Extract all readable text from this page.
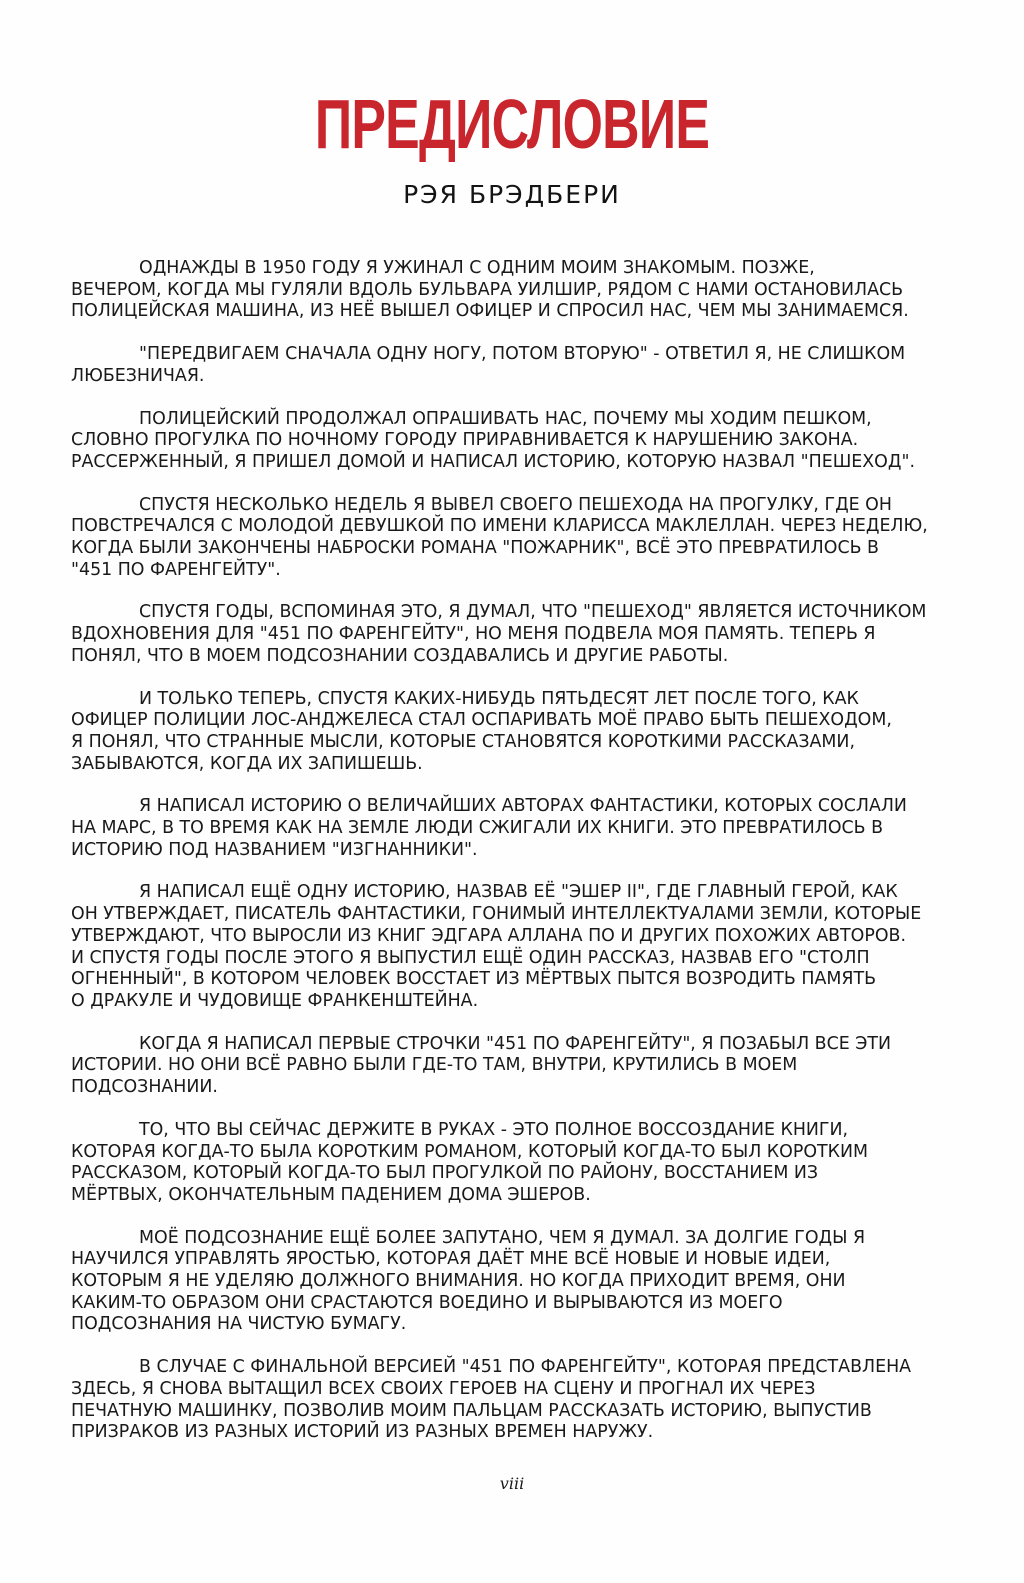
ПРЕДИСЛОВИЕ
РЭЯ БРЭДБЕРИ

ОДНАЖДЫ В 1950 ГОДУ Я УЖИНАЛ С ОДНИМ МОИМ ЗНАКОМЫМ. ПОЗЖЕ,
ВЕЧЕРОМ, КОГДА МЫ ГУЛЯЛИ ВДОЛЬ БУЛЬВАРА УИЛШИР, РЯДОМ С НАМИ ОСТАНОВИЛАСЬ
ПОЛИЦЕЙСКАЯ МАШИНА, ИЗ НЕЁ ВЫШЕЛ ОФИЦЕР И СПРОСИЛ НАС, ЧЕМ МЫ ЗАНИМАЕМСЯ.

"ПЕРЕДВИГАЕМ СНАЧАЛА ОДНУ НОГУ, ПОТОМ ВТОРУЮ" - ОТВЕТИЛ Я, НЕ СЛИШКОМ
ЛЮБЕЗНИЧАЯ.

ПОЛИЦЕЙСКИЙ ПРОДОЛЖАЛ ОПРАШИВАТЬ НАС, ПОЧЕМУ МЫ ХОДИМ ПЕШКОМ,
СЛОВНО ПРОГУЛКА ПО НОЧНОМУ ГОРОДУ ПРИРАВНИВАЕТСЯ К НАРУШЕНИЮ ЗАКОНА.
РАССЕРЖЕННЫЙ, Я ПРИШЕЛ ДОМОЙ И НАПИСАЛ ИСТОРИЮ, КОТОРУЮ НАЗВАЛ "ПЕШЕХОД".

СПУСТЯ НЕСКОЛЬКО НЕДЕЛЬ Я ВЫВЕЛ СВОЕГО ПЕШЕХОДА НА ПРОГУЛКУ, ГДЕ ОН
ПОВСТРЕЧАЛСЯ С МОЛОДОЙ ДЕВУШКОЙ ПО ИМЕНИ КЛАРИССА МАКЛЕЛЛАН. ЧЕРЕЗ НЕДЕЛЮ,
КОГДА БЫЛИ ЗАКОНЧЕНЫ НАБРОСКИ РОМАНА "ПОЖАРНИК", ВСЁ ЭТО ПРЕВРАТИЛОСЬ В
"451 ПО ФАРЕНГЕЙТУ".

СПУСТЯ ГОДЫ, ВСПОМИНАЯ ЭТО, Я ДУМАЛ, ЧТО "ПЕШЕХОД" ЯВЛЯЕТСЯ ИСТОЧНИКОМ
ВДОХНОВЕНИЯ ДЛЯ "451 ПО ФАРЕНГЕЙТУ", НО МЕНЯ ПОДВЕЛА МОЯ ПАМЯТЬ. ТЕПЕРЬ Я
ПОНЯЛ, ЧТО В МОЕМ ПОДСОЗНАНИИ СОЗДАВАЛИСЬ И ДРУГИЕ РАБОТЫ.

И ТОЛЬКО ТЕПЕРЬ, СПУСТЯ КАКИХ-НИБУДЬ ПЯТЬДЕСЯТ ЛЕТ ПОСЛЕ ТОГО, КАК
ОФИЦЕР ПОЛИЦИИ ЛОС-АНДЖЕЛЕСА СТАЛ ОСПАРИВАТЬ МОЁ ПРАВО БЫТЬ ПЕШЕХОДОМ,
Я ПОНЯЛ, ЧТО СТРАННЫЕ МЫСЛИ, КОТОРЫЕ СТАНОВЯТСЯ КОРОТКИМИ РАССКАЗАМИ,
ЗАБЫВАЮТСЯ, КОГДА ИХ ЗАПИШЕШЬ.

Я НАПИСАЛ ИСТОРИЮ О ВЕЛИЧАЙШИХ АВТОРАХ ФАНТАСТИКИ, КОТОРЫХ СОСЛАЛИ
НА МАРС, В ТО ВРЕМЯ КАК НА ЗЕМЛЕ ЛЮДИ СЖИГАЛИ ИХ КНИГИ. ЭТО ПРЕВРАТИЛОСЬ В
ИСТОРИЮ ПОД НАЗВАНИЕМ "ИЗГНАННИКИ".

Я НАПИСАЛ ЕЩЁ ОДНУ ИСТОРИЮ, НАЗВАВ ЕЁ "ЭШЕР II", ГДЕ ГЛАВНЫЙ ГЕРОЙ, КАК
ОН УТВЕРЖДАЕТ, ПИСАТЕЛЬ ФАНТАСТИКИ, ГОНИМЫЙ ИНТЕЛЛЕКТУАЛАМИ ЗЕМЛИ, КОТОРЫЕ
УТВЕРЖДАЮТ, ЧТО ВЫРОСЛИ ИЗ КНИГ ЭДГАРА АЛЛАНА ПО И ДРУГИХ ПОХОЖИХ АВТОРОВ.
И СПУСТЯ ГОДЫ ПОСЛЕ ЭТОГО Я ВЫПУСТИЛ ЕЩЁ ОДИН РАССКАЗ, НАЗВАВ ЕГО "СТОЛП
ОГНЕННЫЙ", В КОТОРОМ ЧЕЛОВЕК ВОССТАЕТ ИЗ МЁРТВЫХ ПЫТСЯ ВОЗРОДИТЬ ПАМЯТЬ
О ДРАКУЛЕ И ЧУДОВИЩЕ ФРАНКЕНШТЕЙНА.

КОГДА Я НАПИСАЛ ПЕРВЫЕ СТРОЧКИ "451 ПО ФАРЕНГЕЙТУ", Я ПОЗАБЫЛ ВСЕ ЭТИ
ИСТОРИИ. НО ОНИ ВСЁ РАВНО БЫЛИ ГДЕ-ТО ТАМ, ВНУТРИ, КРУТИЛИСЬ В МОЕМ
ПОДСОЗНАНИИ.

ТО, ЧТО ВЫ СЕЙЧАС ДЕРЖИТЕ В РУКАХ - ЭТО ПОЛНОЕ ВОССОЗДАНИЕ КНИГИ,
КОТОРАЯ КОГДА-ТО БЫЛА КОРОТКИМ РОМАНОМ, КОТОРЫЙ КОГДА-ТО БЫЛ КОРОТКИМ
РАССКАЗОМ, КОТОРЫЙ КОГДА-ТО БЫЛ ПРОГУЛКОЙ ПО РАЙОНУ, ВОССТАНИЕМ ИЗ
МЁРТВЫХ, ОКОНЧАТЕЛЬНЫМ ПАДЕНИЕМ ДОМА ЭШЕРОВ.

МОЁ ПОДСОЗНАНИЕ ЕЩЁ БОЛЕЕ ЗАПУТАНО, ЧЕМ Я ДУМАЛ. ЗА ДОЛГИЕ ГОДЫ Я
НАУЧИЛСЯ УПРАВЛЯТЬ ЯРОСТЬЮ, КОТОРАЯ ДАЁТ МНЕ ВСЁ НОВЫЕ И НОВЫЕ ИДЕИ,
КОТОРЫМ Я НЕ УДЕЛЯЮ ДОЛЖНОГО ВНИМАНИЯ. НО КОГДА ПРИХОДИТ ВРЕМЯ, ОНИ
КАКИМ-ТО ОБРАЗОМ ОНИ СРАСТАЮТСЯ ВОЕДИНО И ВЫРЫВАЮТСЯ ИЗ МОЕГО
ПОДСОЗНАНИЯ НА ЧИСТУЮ БУМАГУ.

В СЛУЧАЕ С ФИНАЛЬНОЙ ВЕРСИЕЙ "451 ПО ФАРЕНГЕЙТУ", КОТОРАЯ ПРЕДСТАВЛЕНА
ЗДЕСЬ, Я СНОВА ВЫТАЩИЛ ВСЕХ СВОИХ ГЕРОЕВ НА СЦЕНУ И ПРОГНАЛ ИХ ЧЕРЕЗ
ПЕЧАТНУЮ МАШИНКУ, ПОЗВОЛИВ МОИМ ПАЛЬЦАМ РАССКАЗАТЬ ИСТОРИЮ, ВЫПУСТИВ
ПРИЗРАКОВ ИЗ РАЗНЫХ ИСТОРИЙ ИЗ РАЗНЫХ ВРЕМЕН НАРУЖУ.

viii
